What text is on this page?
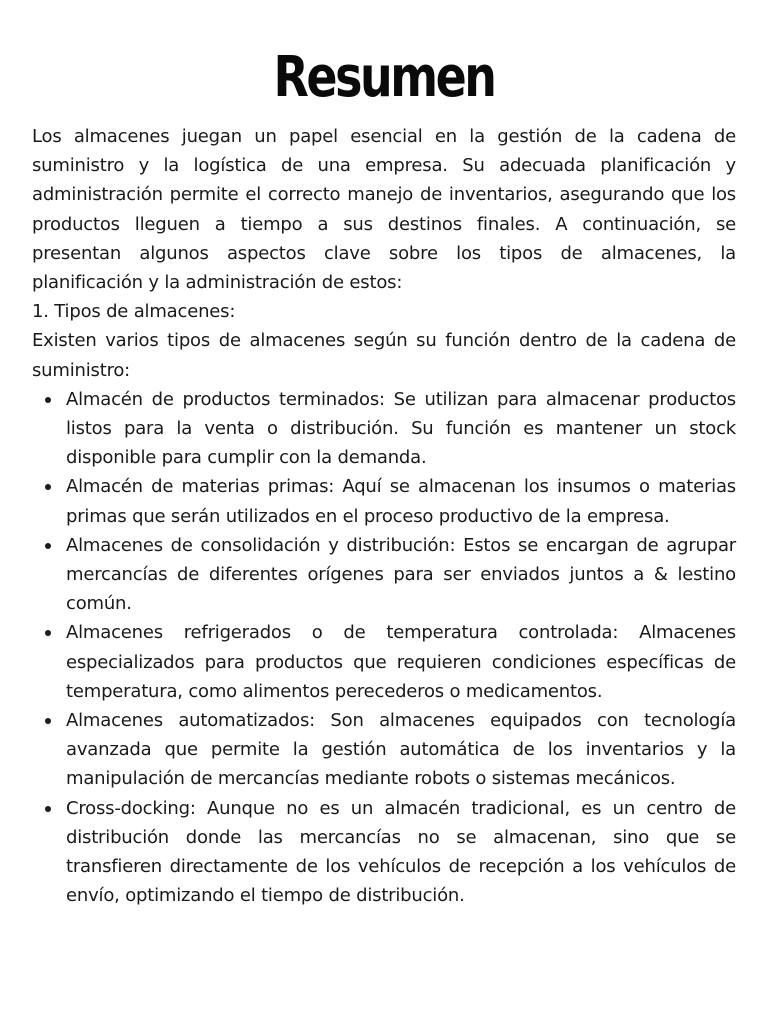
Resumen

Los almacenes juegan un papel esencial en la gestión de la cadena de suministro y la logística de una empresa. Su adecuada planificación y administración permite el correcto manejo de inventarios, asegurando que los productos lleguen a tiempo a sus destinos finales. A continuación, se presentan algunos aspectos clave sobre los tipos de almacenes, la planificación y la administración de estos:

1. Tipos de almacenes:

Existen varios tipos de almacenes según su función dentro de la cadena de suministro:

Almacén de productos terminados: Se utilizan para almacenar productos listos para la venta o distribución. Su función es mantener un stock disponible para cumplir con la demanda.
Almacén de materias primas: Aquí se almacenan los insumos o materias primas que serán utilizados en el proceso productivo de la empresa.
Almacenes de consolidación y distribución: Estos se encargan de agrupar mercancías de diferentes orígenes para ser enviados juntos a & lestino común.
Almacenes refrigerados o de temperatura controlada: Almacenes especializados para productos que requieren condiciones específicas de temperatura, como alimentos perecederos o medicamentos.
Almacenes automatizados: Son almacenes equipados con tecnología avanzada que permite la gestión automática de los inventarios y la manipulación de mercancías mediante robots o sistemas mecánicos.
Cross-docking: Aunque no es un almacén tradicional, es un centro de distribución donde las mercancías no se almacenan, sino que se transfieren directamente de los vehículos de recepción a los vehículos de envío, optimizando el tiempo de distribución.
